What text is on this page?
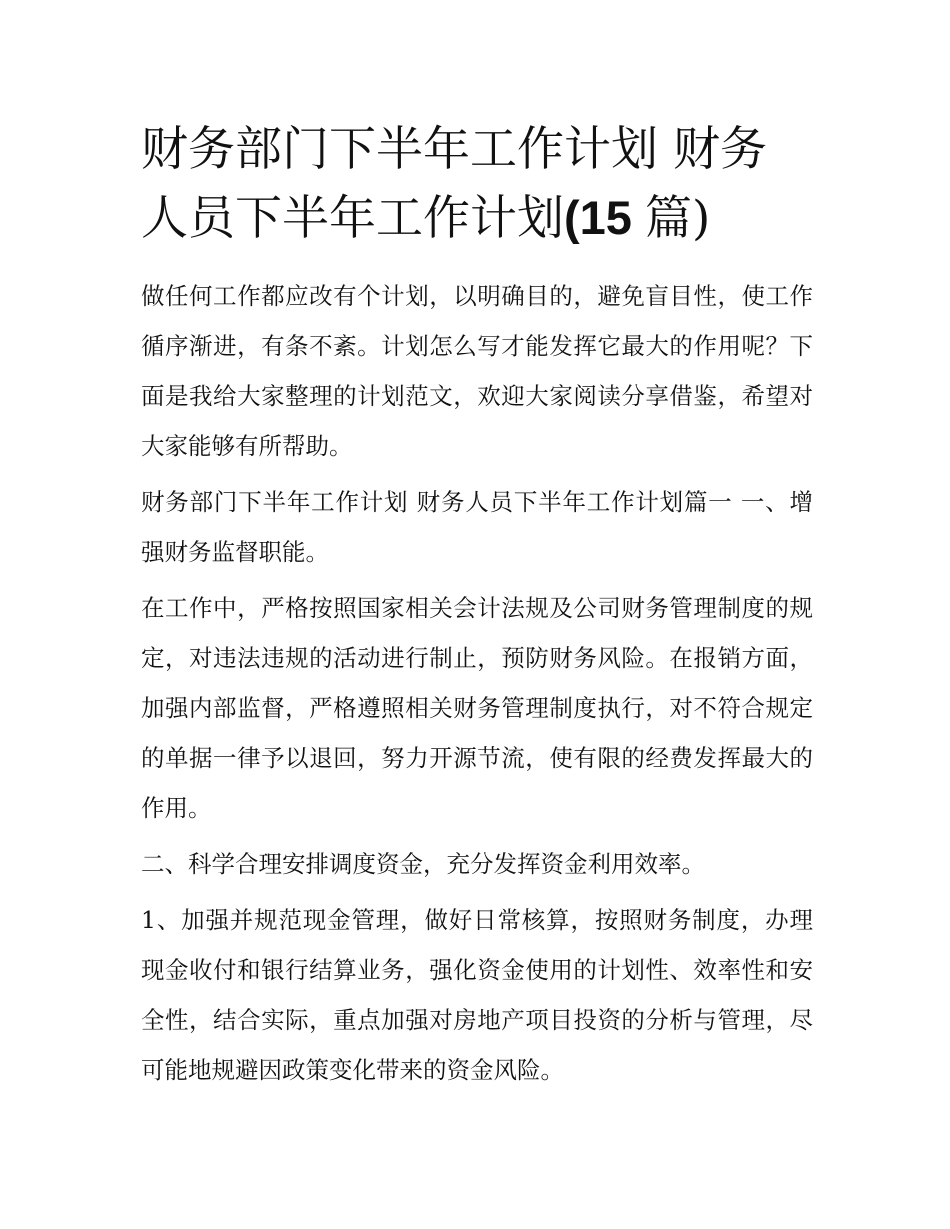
财务部门下半年工作计划 财务人员下半年工作计划(15 篇)

做任何工作都应改有个计划，以明确目的，避免盲目性，使工作循序渐进，有条不紊。计划怎么写才能发挥它最大的作用呢？下面是我给大家整理的计划范文，欢迎大家阅读分享借鉴，希望对大家能够有所帮助。

财务部门下半年工作计划 财务人员下半年工作计划篇一 一、增强财务监督职能。

在工作中，严格按照国家相关会计法规及公司财务管理制度的规定，对违法违规的活动进行制止，预防财务风险。在报销方面，加强内部监督，严格遵照相关财务管理制度执行，对不符合规定的单据一律予以退回，努力开源节流，使有限的经费发挥最大的作用。

二、科学合理安排调度资金，充分发挥资金利用效率。

1、加强并规范现金管理，做好日常核算，按照财务制度，办理现金收付和银行结算业务，强化资金使用的计划性、效率性和安全性，结合实际，重点加强对房地产项目投资的分析与管理，尽可能地规避因政策变化带来的资金风险。
